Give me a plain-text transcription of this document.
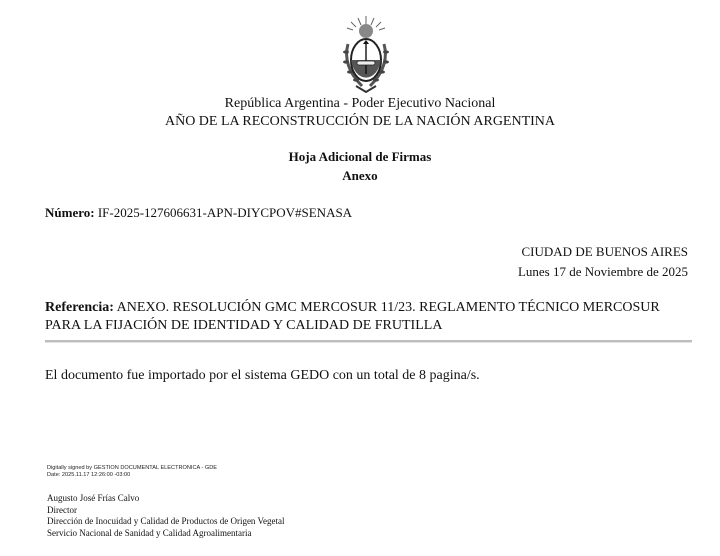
República Argentina - Poder Ejecutivo Nacional
AÑO DE LA RECONSTRUCCIÓN DE LA NACIÓN ARGENTINA
Hoja Adicional de Firmas
Anexo
Número: IF-2025-127606631-APN-DIYCPOV#SENASA
CIUDAD DE BUENOS AIRES
Lunes 17 de Noviembre de 2025
Referencia: ANEXO. RESOLUCIÓN GMC MERCOSUR 11/23. REGLAMENTO TÉCNICO MERCOSUR PARA LA FIJACIÓN DE IDENTIDAD Y CALIDAD DE FRUTILLA
El documento fue importado por el sistema GEDO con un total de 8 pagina/s.
Digitally signed by GESTION DOCUMENTAL ELECTRONICA - GDE
Date: 2025.11.17 12:26:00 -03:00
Augusto José Frías Calvo
Director
Dirección de Inocuidad y Calidad de Productos de Origen Vegetal
Servicio Nacional de Sanidad y Calidad Agroalimentaria
